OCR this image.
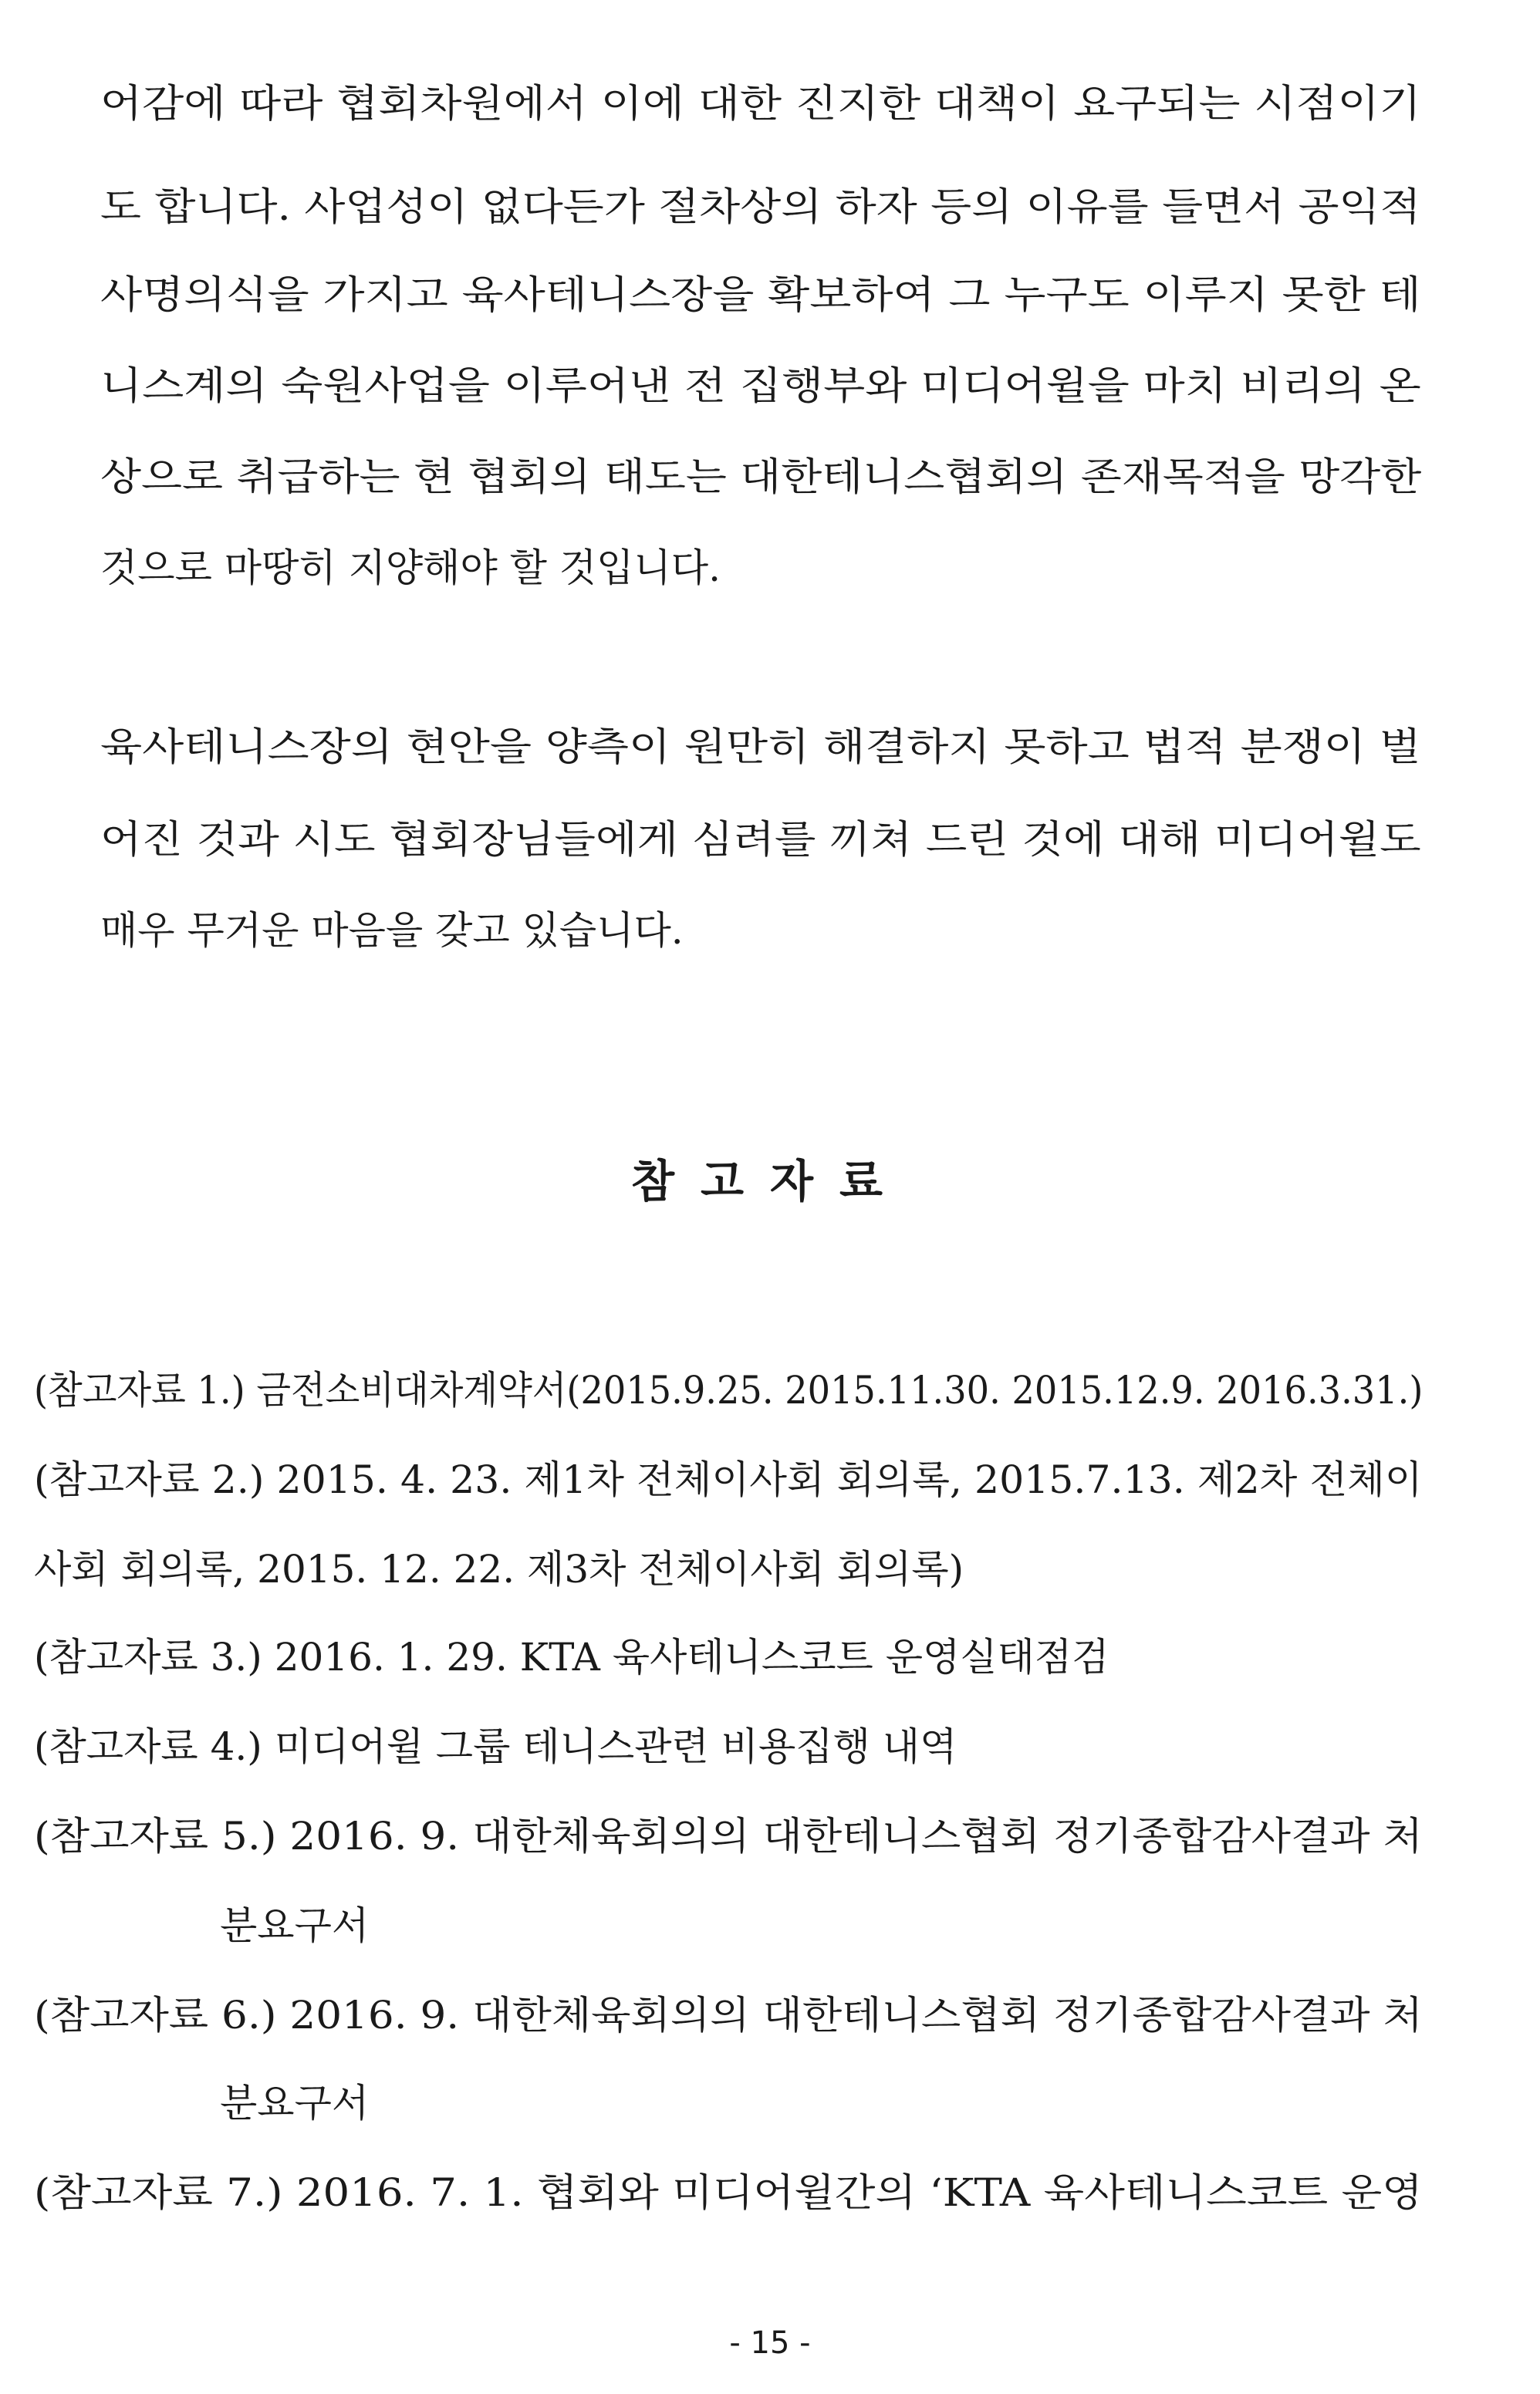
어감에 따라 협회차원에서 이에 대한 진지한 대책이 요구되는 시점이기
도 합니다. 사업성이 없다든가 절차상의 하자 등의 이유를 들면서 공익적
사명의식을 가지고 육사테니스장을 확보하여 그 누구도 이루지 못한 테
니스계의 숙원사업을 이루어낸 전 집행부와 미디어윌을 마치 비리의 온
상으로 취급하는 현 협회의 태도는 대한테니스협회의 존재목적을 망각한
것으로 마땅히 지양해야 할 것입니다.
육사테니스장의 현안을 양측이 원만히 해결하지 못하고 법적 분쟁이 벌
어진 것과 시도 협회장님들에게 심려를 끼쳐 드린 것에 대해 미디어윌도
매우 무거운 마음을 갖고 있습니다.
참고자료
(참고자료 1.) 금전소비대차계약서(2015.9.25. 2015.11.30. 2015.12.9. 2016.3.31.)
(참고자료 2.) 2015. 4. 23. 제1차 전체이사회 회의록, 2015.7.13. 제2차 전체이
사회 회의록, 2015. 12. 22. 제3차 전체이사회 회의록)
(참고자료 3.) 2016. 1. 29. KTA 육사테니스코트 운영실태점검
(참고자료 4.) 미디어윌 그룹 테니스관련 비용집행 내역
(참고자료 5.) 2016. 9. 대한체육회의의 대한테니스협회 정기종합감사결과 처
분요구서
(참고자료 6.) 2016. 9. 대한체육회의의 대한테니스협회 정기종합감사결과 처
분요구서
(참고자료 7.) 2016. 7. 1. 협회와 미디어윌간의 ‘KTA 육사테니스코트 운영
- 15 -
